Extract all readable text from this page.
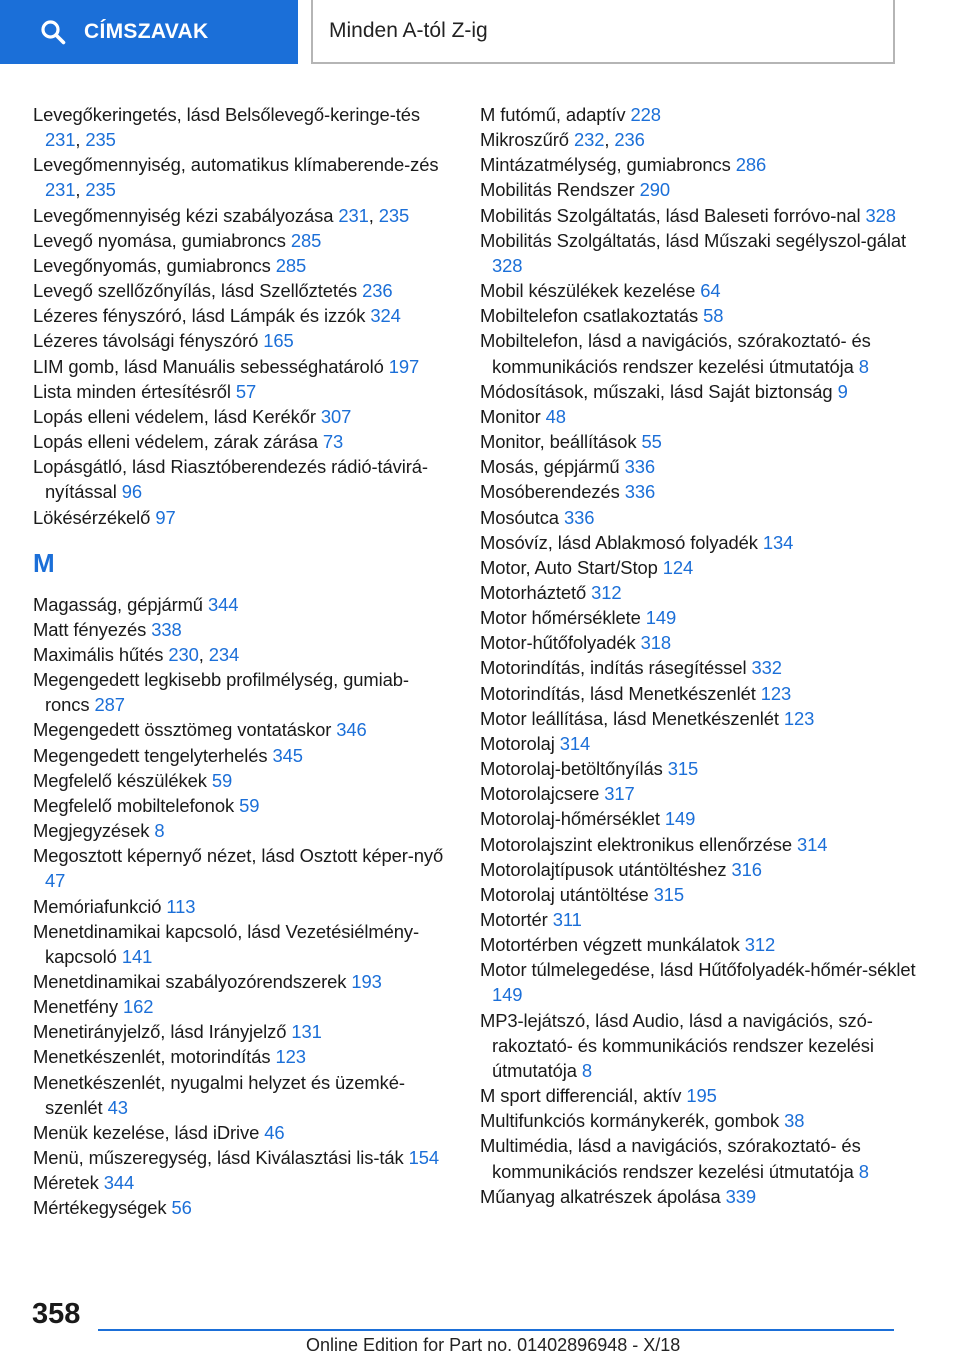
CÍMSZAVAK	Minden A-tól Z-ig
Levegőkeringetés, lásd Belsőlevegő-keringe-tés 231, 235
Levegőmennyiség, automatikus klímaberende-zés 231, 235
Levegőmennyiség kézi szabályozása 231, 235
Levegő nyomása, gumiabroncs 285
Levegőnyomás, gumiabroncs 285
Levegő szellőzőnyílás, lásd Szellőztetés 236
Lézeres fényszóró, lásd Lámpák és izzók 324
Lézeres távolsági fényszóró 165
LIM gomb, lásd Manuális sebességhatároló 197
Lista minden értesítésről 57
Lopás elleni védelem, lásd Kerékőr 307
Lopás elleni védelem, zárak zárása 73
Lopásgátló, lásd Riasztóberendezés rádió-távirá-nyítással 96
Lökésérzékelő 97
M
Magasság, gépjármű 344
Matt fényezés 338
Maximális hűtés 230, 234
Megengedett legkisebb profilmélység, gumiab-roncs 287
Megengedett össztömeg vontatáskor 346
Megengedett tengelyterhelés 345
Megfelelő készülékek 59
Megfelelő mobiltelefonok 59
Megjegyzések 8
Megosztott képernyő nézet, lásd Osztott képer-nyő 47
Memóriafunkció 113
Menetdinamikai kapcsoló, lásd Vezetésiélmény-kapcsoló 141
Menetdinamikai szabályozórendszerek 193
Menetfény 162
Menetirányjelző, lásd Irányjelző 131
Menetkészenlét, motorindítás 123
Menetkészenlét, nyugalmi helyzet és üzemké-szenlét 43
Menük kezelése, lásd iDrive 46
Menü, műszeregység, lásd Kiválasztási lis-ták 154
Méretek 344
Mértékegységek 56
M futómű, adaptív 228
Mikroszűrő 232, 236
Mintázatmélység, gumiabroncs 286
Mobilitás Rendszer 290
Mobilitás Szolgáltatás, lásd Baleseti forróvo-nal 328
Mobilitás Szolgáltatás, lásd Műszaki segélyszol-gálat 328
Mobil készülékek kezelése 64
Mobiltelefon csatlakoztatás 58
Mobiltelefon, lásd a navigációs, szórakoztató- és kommunikációs rendszer kezelési útmutatója 8
Módosítások, műszaki, lásd Saját biztonság 9
Monitor 48
Monitor, beállítások 55
Mosás, gépjármű 336
Mosóberendezés 336
Mosóutca 336
Mosóvíz, lásd Ablakmosó folyadék 134
Motor, Auto Start/Stop 124
Motorháztető 312
Motor hőmérséklete 149
Motor-hűtőfolyadék 318
Motorindítás, indítás rásegítéssel 332
Motorindítás, lásd Menetkészenlét 123
Motor leállítása, lásd Menetkészenlét 123
Motorolaj 314
Motorolaj-betöltőnyílás 315
Motorolajcsere 317
Motorolaj-hőmérséklet 149
Motorolajszint elektronikus ellenőrzése 314
Motorolajtípusok utántöltéshez 316
Motorolaj utántöltése 315
Motortér 311
Motortérben végzett munkálatok 312
Motor túlmelegedése, lásd Hűtőfolyadék-hőmér-séklet 149
MP3-lejátszó, lásd Audio, lásd a navigációs, szó-rakoztató- és kommunikációs rendszer kezelési útmutatója 8
M sport differenciál, aktív 195
Multifunkciós kormánykerék, gombok 38
Multimédia, lásd a navigációs, szórakoztató- és kommunikációs rendszer kezelési útmutatója 8
Műanyag alkatrészek ápolása 339
358
Online Edition for Part no. 01402896948 - X/18
